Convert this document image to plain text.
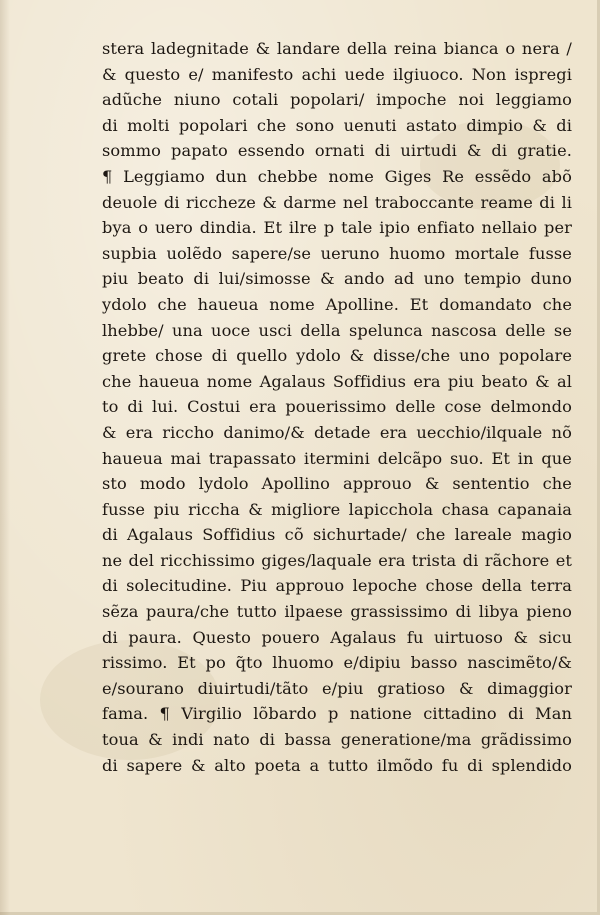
stera ladegnitade & landare della reina bianca o nera /
& questo e/ manifesto achi uede ilgiuoco. Non ispregi
adũche niuno cotali popolari/ impoche noi leggiamo
di molti popolari che sono uenuti astato dimpio & di
sommo papato essendo ornati di uirtudi & di gratie.
¶ Leggiamo dun chebbe nome Giges Re essẽdo abõ
deuole di riccheze & darme nel traboccante reame di li
bya o uero dindia. Et ilre p tale ipio enfiato nellaio per
supbia uolẽdo sapere/se ueruno huomo mortale fusse
piu beato di lui/simosse & ando ad uno tempio duno
ydolo che haueua nome Apolline. Et domandato che
lhebbe/ una uoce usci della spelunca nascosa delle se
grete chose di quello ydolo & disse/che uno popolare
che haueua nome Agalaus Soffidius era piu beato & al
to di lui. Costui era pouerissimo delle cose delmondo
& era riccho danimo/& detade era uecchio/ilquale nõ
haueua mai trapassato itermini delcãpo suo. Et in que
sto modo lydolo Apollino approuo & sententio che
fusse piu riccha & migliore lapicchola chasa capanaia
di Agalaus Soffidius cõ sichurtade/ che lareale magio
ne del ricchissimo giges/laquale era trista di rãchore et
di solecitudine. Piu approuo lepoche chose della terra
sẽza paura/che tutto ilpaese grassissimo di libya pieno
di paura. Questo pouero Agalaus fu uirtuoso & sicu
rissimo. Et po q̃to lhuomo e/dipiu basso nascimẽto/&
e/sourano diuirtudi/tãto e/piu gratioso & dimaggior
fama. ¶ Virgilio lõbardo p natione cittadino di Man
toua & indi nato di bassa generatione/ma grãdissimo
di sapere & alto poeta a tutto ilmõdo fu di splendido
